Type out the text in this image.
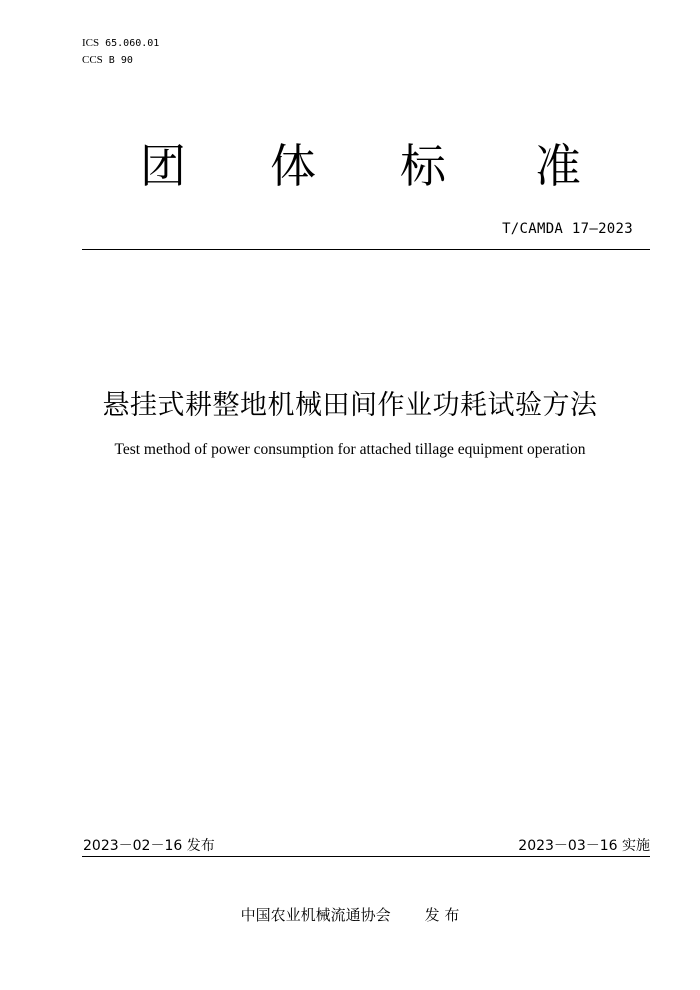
ICS 65.060.01
CCS B 90
团 体 标 准
T/CAMDA 17—2023
悬挂式耕整地机械田间作业功耗试验方法
Test method of power consumption for attached tillage equipment operation
2023－02－16 发布	2023－03－16 实施
中国农业机械流通协会 发 布
